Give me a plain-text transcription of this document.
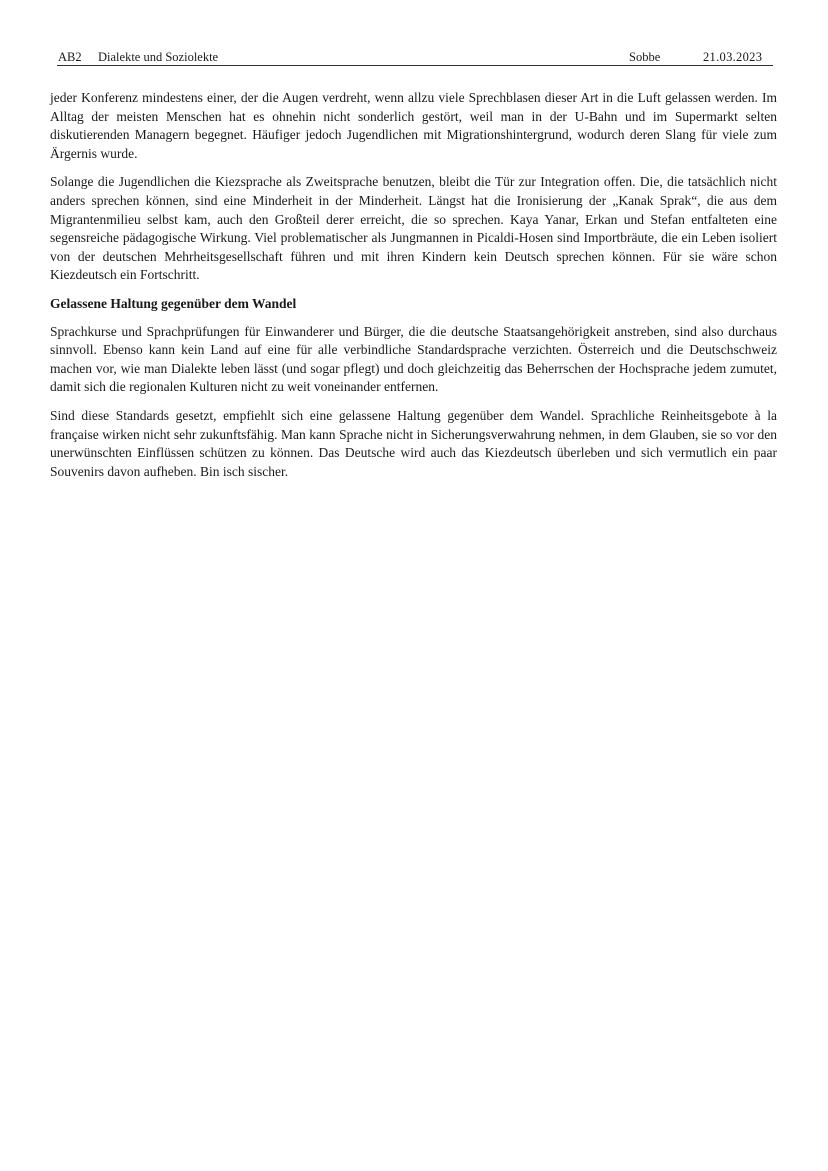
AB2 Dialekte und Soziolekte	Sobbe	21.03.2023

jeder Konferenz mindestens einer, der die Augen verdreht, wenn allzu viele Sprechblasen dieser Art in die Luft gelassen werden. Im Alltag der meisten Menschen hat es ohnehin nicht sonderlich gestört, weil man in der U-Bahn und im Supermarkt selten diskutierenden Managern begegnet. Häufiger jedoch Jugendlichen mit Migrationshintergrund, wodurch deren Slang für viele zum Ärgernis wurde.

Solange die Jugendlichen die Kiezsprache als Zweitsprache benutzen, bleibt die Tür zur Integration offen. Die, die tatsächlich nicht anders sprechen können, sind eine Minderheit in der Minderheit. Längst hat die Ironisierung der „Kanak Sprak“, die aus dem Migrantenmilieu selbst kam, auch den Großteil derer erreicht, die so sprechen. Kaya Yanar, Erkan und Stefan entfalteten eine segensreiche pädagogische Wirkung. Viel problematischer als Jungmannen in Picaldi-Hosen sind Importbräute, die ein Leben isoliert von der deutschen Mehrheitsgesellschaft führen und mit ihren Kindern kein Deutsch sprechen können. Für sie wäre schon Kiezdeutsch ein Fortschritt.

Gelassene Haltung gegenüber dem Wandel

Sprachkurse und Sprachprüfungen für Einwanderer und Bürger, die die deutsche Staatsangehörigkeit anstreben, sind also durchaus sinnvoll. Ebenso kann kein Land auf eine für alle verbindliche Standardsprache verzichten. Österreich und die Deutschschweiz machen vor, wie man Dialekte leben lässt (und sogar pflegt) und doch gleichzeitig das Beherrschen der Hochsprache jedem zumutet, damit sich die regionalen Kulturen nicht zu weit voneinander entfernen.

Sind diese Standards gesetzt, empfiehlt sich eine gelassene Haltung gegenüber dem Wandel. Sprachliche Reinheitsgebote à la française wirken nicht sehr zukunftsfähig. Man kann Sprache nicht in Sicherungsverwahrung nehmen, in dem Glauben, sie so vor den unerwünschten Einflüssen schützen zu können. Das Deutsche wird auch das Kiezdeutsch überleben und sich vermutlich ein paar Souvenirs davon aufheben. Bin isch sischer.
